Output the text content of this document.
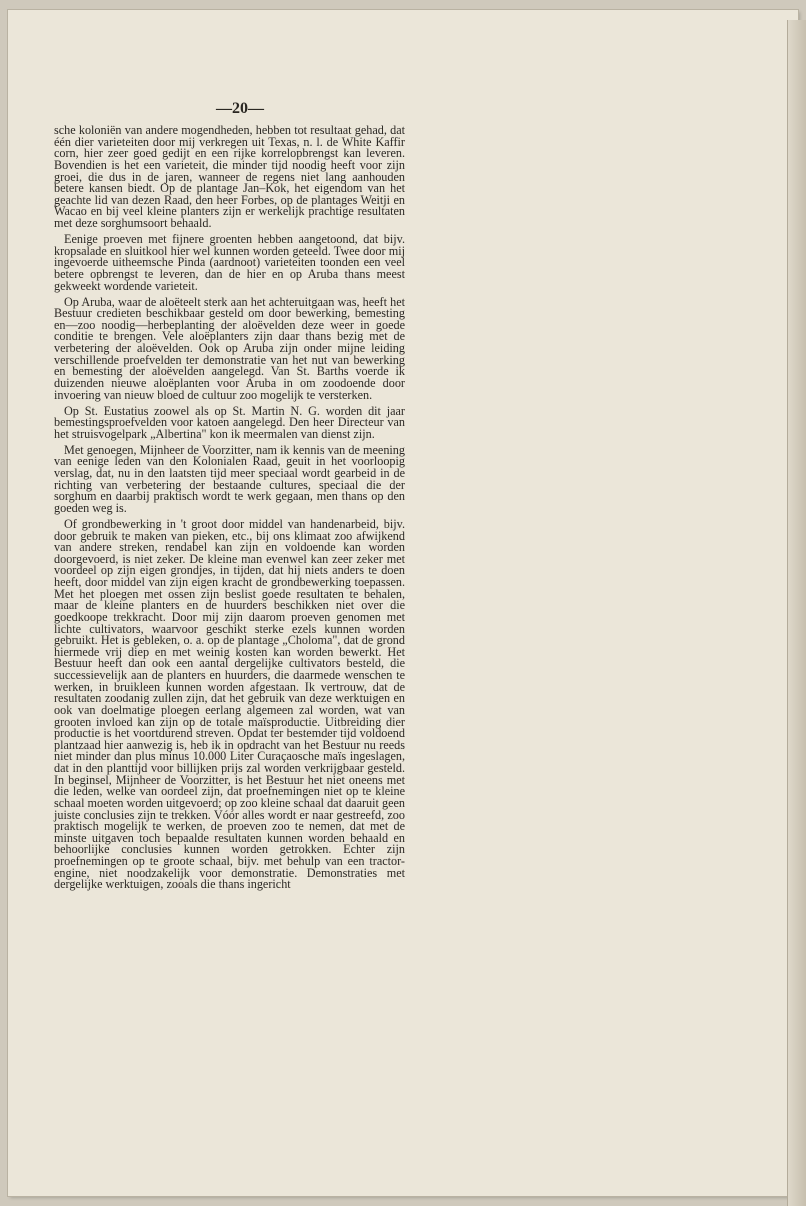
—20—

sche koloniën van andere mogendheden, hebben tot resultaat gehad, dat één dier varieteiten door mij verkregen uit Texas, n. l. de White Kaffir corn, hier zeer goed gedijt en een rijke korrelopbrengst kan leveren. Bovendien is het een varieteit, die minder tijd noodig heeft voor zijn groei, die dus in de jaren, wanneer de regens niet lang aanhouden betere kansen biedt. Op de plantage Jan–Kok, het eigendom van het geachte lid van dezen Raad, den heer Forbes, op de plantages Weitji en Wacao en bij veel kleine planters zijn er werkelijk prachtige resultaten met deze sorghumsoort behaald.

Eenige proeven met fijnere groenten hebben aangetoond, dat bijv. kropsalade en sluitkool hier wel kunnen worden geteeld. Twee door mij ingevoerde uitheemsche Pinda (aardnoot) varieteiten toonden een veel betere opbrengst te leveren, dan de hier en op Aruba thans meest gekweekt wordende varieteit.

Op Aruba, waar de aloëteelt sterk aan het achteruitgaan was, heeft het Bestuur credieten beschikbaar gesteld om door bewerking, bemesting en—zoo noodig—herbeplanting der aloëvelden deze weer in goede conditie te brengen. Vele aloëplanters zijn daar thans bezig met de verbetering der aloëvelden. Ook op Aruba zijn onder mijne leiding verschillende proefvelden ter demonstratie van het nut van bewerking en bemesting der aloëvelden aangelegd. Van St. Barths voerde ik duizenden nieuwe aloëplanten voor Aruba in om zoodoende door invoering van nieuw bloed de cultuur zoo mogelijk te versterken.

Op St. Eustatius zoowel als op St. Martin N. G. worden dit jaar bemestingsproefvelden voor katoen aangelegd. Den heer Directeur van het struisvogelpark „Albertina" kon ik meermalen van dienst zijn.

Met genoegen, Mijnheer de Voorzitter, nam ik kennis van de meening van eenige leden van den Kolonialen Raad, geuit in het voorloopig verslag, dat, nu in den laatsten tijd meer speciaal wordt gearbeid in de richting van verbetering der bestaande cultures, speciaal die der sorghum en daarbij praktisch wordt te werk gegaan, men thans op den goeden weg is.

Of grondbewerking in 't groot door middel van handenarbeid, bijv. door gebruik te maken van pieken, etc., bij ons klimaat zoo afwijkend van andere streken, rendabel kan zijn en voldoende kan worden doorgevoerd, is niet zeker. De kleine man evenwel kan zeer zeker met voordeel op zijn eigen grondjes, in tijden, dat hij niets anders te doen heeft, door middel van zijn eigen kracht de grondbewerking toepassen. Met het ploegen met ossen zijn beslist goede resultaten te behalen, maar de kleine planters en de huurders beschikken niet over die goedkoope trekkracht. Door mij zijn daarom proeven genomen met lichte cultivators, waarvoor geschikt sterke ezels kunnen worden gebruikt. Het is gebleken, o. a. op de plantage „Choloma", dat de grond hiermede vrij diep en met weinig kosten kan worden bewerkt. Het Bestuur heeft dan ook een aantal dergelijke cultivators besteld, die successievelijk aan de planters en huurders, die daarmede wenschen te werken, in bruikleen kunnen worden afgestaan. Ik vertrouw, dat de resultaten zoodanig zullen zijn, dat het gebruik van deze werktuigen en ook van doelmatige ploegen eerlang algemeen zal worden, wat van grooten invloed kan zijn op de totale maïsproductie. Uitbreiding dier productie is het voortdurend streven. Opdat ter bestemder tijd voldoend plantzaad hier aanwezig is, heb ik in opdracht van het Bestuur nu reeds niet minder dan plus minus 10.000 Liter Curaçaosche maïs ingeslagen, dat in den planttijd voor billijken prijs zal worden verkrijgbaar gesteld. In beginsel, Mijnheer de Voorzitter, is het Bestuur het niet oneens met die leden, welke van oordeel zijn, dat proefnemingen niet op te kleine schaal moeten worden uitgevoerd; op zoo kleine schaal dat daaruit geen juiste conclusies zijn te trekken. Vóór alles wordt er naar gestreefd, zoo praktisch mogelijk te werken, de proeven zoo te nemen, dat met de minste uitgaven toch bepaalde resultaten kunnen worden behaald en behoorlijke conclusies kunnen worden getrokken. Echter zijn proefnemingen op te groote schaal, bijv. met behulp van een tractor-engine, niet noodzakelijk voor demonstratie. Demonstraties met dergelijke werktuigen, zooals die thans ingericht
